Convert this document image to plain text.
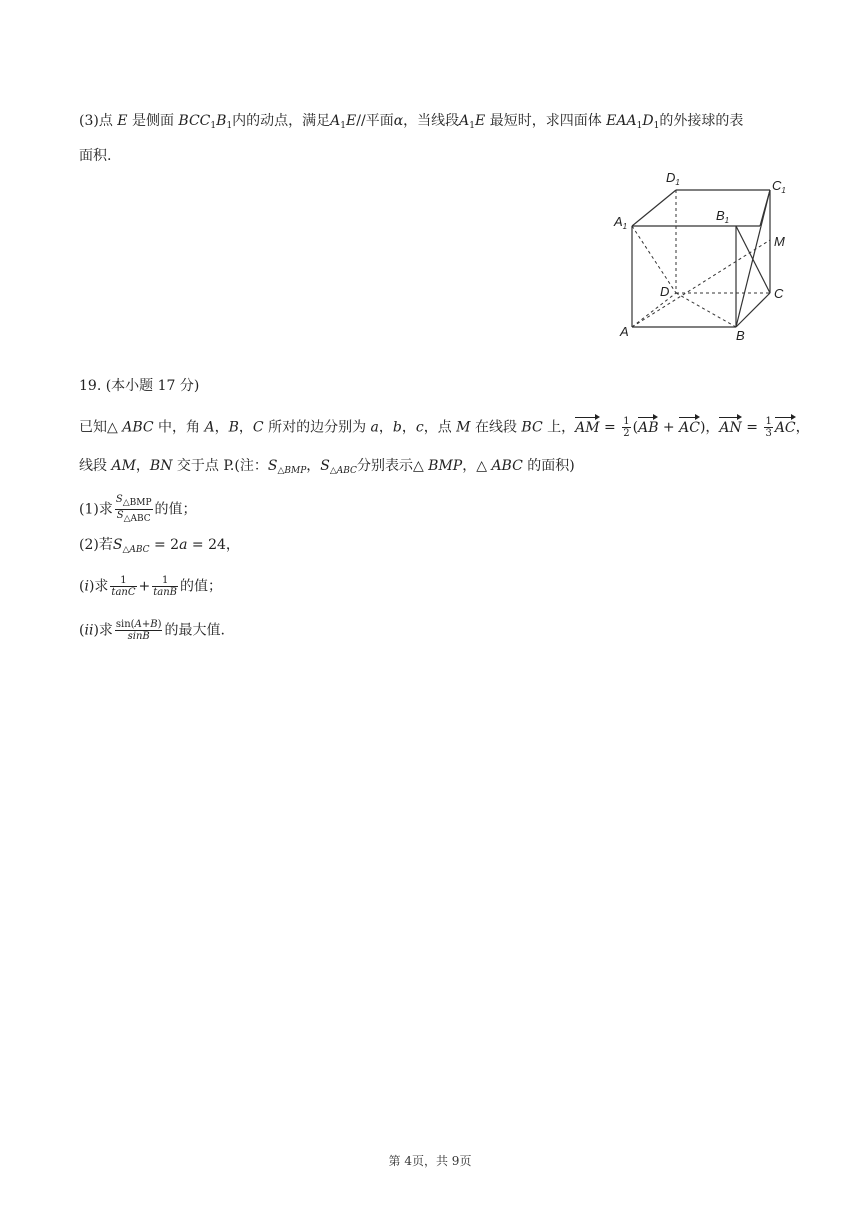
(3)点 E 是侧面 $BCC_1B_1$内的动点，满足$A_1E//$平面α，当线段$A_1E$ 最短时，求四面体 $EAA_1D_1$的外接球的表
面积.
$D_1$	$C_1$
$A_1$
$B_1$
M
D	C
A	B
19. (本小题 17 分)
已知△ ABC 中，角 A，B，C 所对的边分别为 a，b，c，点 M 在线段 BC 上，AM = $\frac{1}{2} (AB + AC)$，AN = $\frac{1}{3}$ AC，
线段 AM，BN 交于点 P.(注：$S_{\triangle BMP}$，$S_{\triangle ABC}$分别表示△ BMP，△ ABC 的面积)
(1)求 $\frac{S_{\triangle BMP}}{S_{\triangle ABC}}$ 的值；
(2)若$S_{\triangle ABC} = 2a = 24$，
(i)求 $\frac{1}{\tan C} + \frac{1}{\tan B}$ 的值；
(ii)求 $\frac{\sin(A+B)}{\sin B}$ 的最大值.
第 4页，共 9页
